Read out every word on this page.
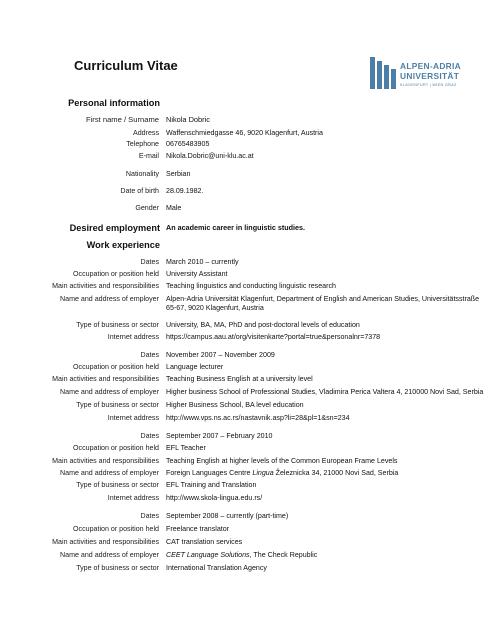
Curriculum Vitae	ALPEN-ADRIA
UNIVERSITÄT
KLAGENFURT | WIEN GRAZ
Personal information
First name / Surname Nikola Dobric
Address Waffenschmiedgasse 46, 9020 Klagenfurt, Austria
Telephone 06765483905
E-mail Nikola.Dobric@uni-klu.ac.at
Nationality Serbian
Date of birth 28.09.1982.
Gender Male
Desired employment An academic career in linguistic studies.
Work experience
Dates March 2010 – currently
Occupation or position held University Assistant
Main activities and responsibilities Teaching linguistics and conducting linguistic research
Name and address of employer Alpen-Adria Universität Klagenfurt, Department of English and American Studies, Universitätsstraße 65-67, 9020 Klagenfurt, Austria
Type of business or sector University, BA, MA, PhD and post-doctoral levels of education
Internet address https://campus.aau.at/org/visitenkarte?portal=true&personalnr=7378
Dates November 2007 – November 2009
Occupation or position held Language lecturer
Main activities and responsibilities Teaching Business English at a university level
Name and address of employer Higher business School of Professional Studies, Vladimira Perica Valtera 4, 210000 Novi Sad, Serbia
Type of business or sector Higher Business School, BA level education
Internet address http://www.vps.ns.ac.rs/nastavnik.asp?li=28&pl=1&sn=234
Dates September 2007 – February 2010
Occupation or position held EFL Teacher
Main activities and responsibilities Teaching English at higher levels of the Common European Frame Levels
Name and address of employer Foreign Languages Centre Lingua Železnicka 34, 21000 Novi Sad, Serbia
Type of business or sector EFL Training and Translation
Internet address http://www.skola-lingua.edu.rs/
Dates September 2008 – currently (part-time)
Occupation or position held Freelance translator
Main activities and responsibilities CAT translation services
Name and address of employer CEET Language Solutions, The Check Republic
Type of business or sector International Translation Agency
